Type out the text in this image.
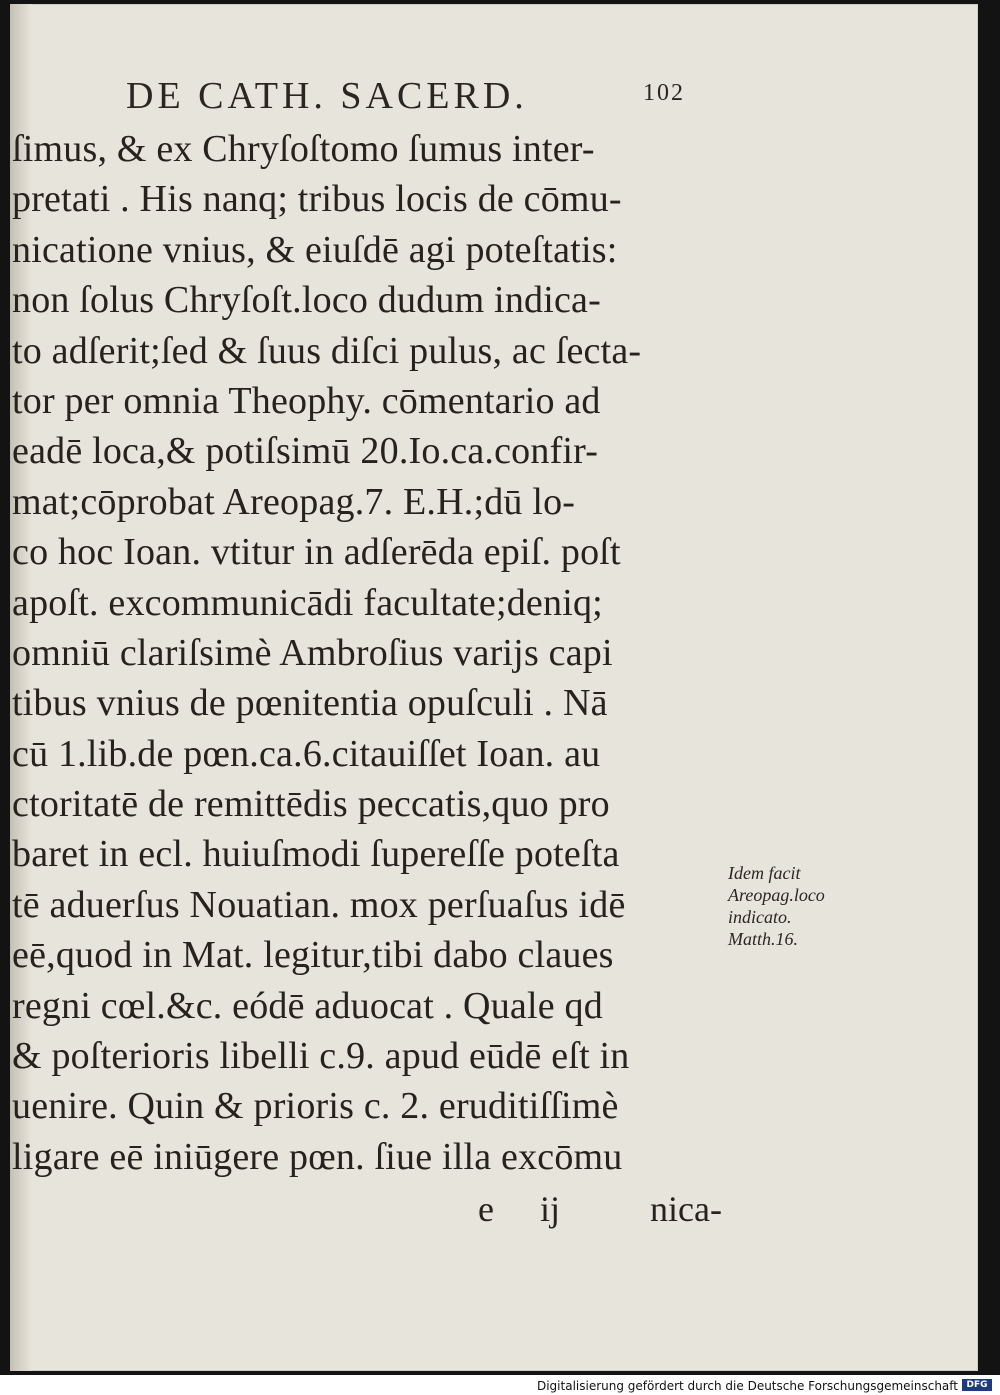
DE CATH. SACERD.	102
ſimus, & ex Chryſoſtomo ſumus inter-
pretati . His nanq; tribus locis de cōmu-
nicatione vnius, & eiuſdē agi poteſtatis:
non ſolus Chryſoſt.loco dudum indica-
to adſerit;ſed & ſuus diſci pulus, ac ſecta-
tor per omnia Theophy. cōmentario ad
eadē loca,& potiſsimū 20.Io.ca.confir-
mat;cōprobat Areopag.7. E.H.;dū lo-
co hoc Ioan. vtitur in adſerēda epiſ. poſt
apoſt. excommunicādi facultate;deniq;
omniū clariſsimè Ambroſius varijs capi
tibus vnius de pœnitentia opuſculi . Nā
cū 1.lib.de pœn.ca.6.citauiſſet Ioan. au
ctoritatē de remittēdis peccatis,quo pro
baret in ecl. huiuſmodi ſupereſſe poteſta
tē aduerſus Nouatian. mox perſuaſus idē
eē,quod in Mat. legitur,tibi dabo claues
regni cœl.&c. eódē aduocat . Quale qd
& poſterioris libelli c.9. apud eūdē eſt in
uenire. Quin & prioris c. 2. eruditiſſimè
ligare eē iniūgere pœn. ſiue illa excōmu
Idem facit
Areopag.loco
indicato.
Matth.16.
e ij nica-
Digitalisierung gefördert durch die Deutsche Forschungsgemeinschaft DFG
